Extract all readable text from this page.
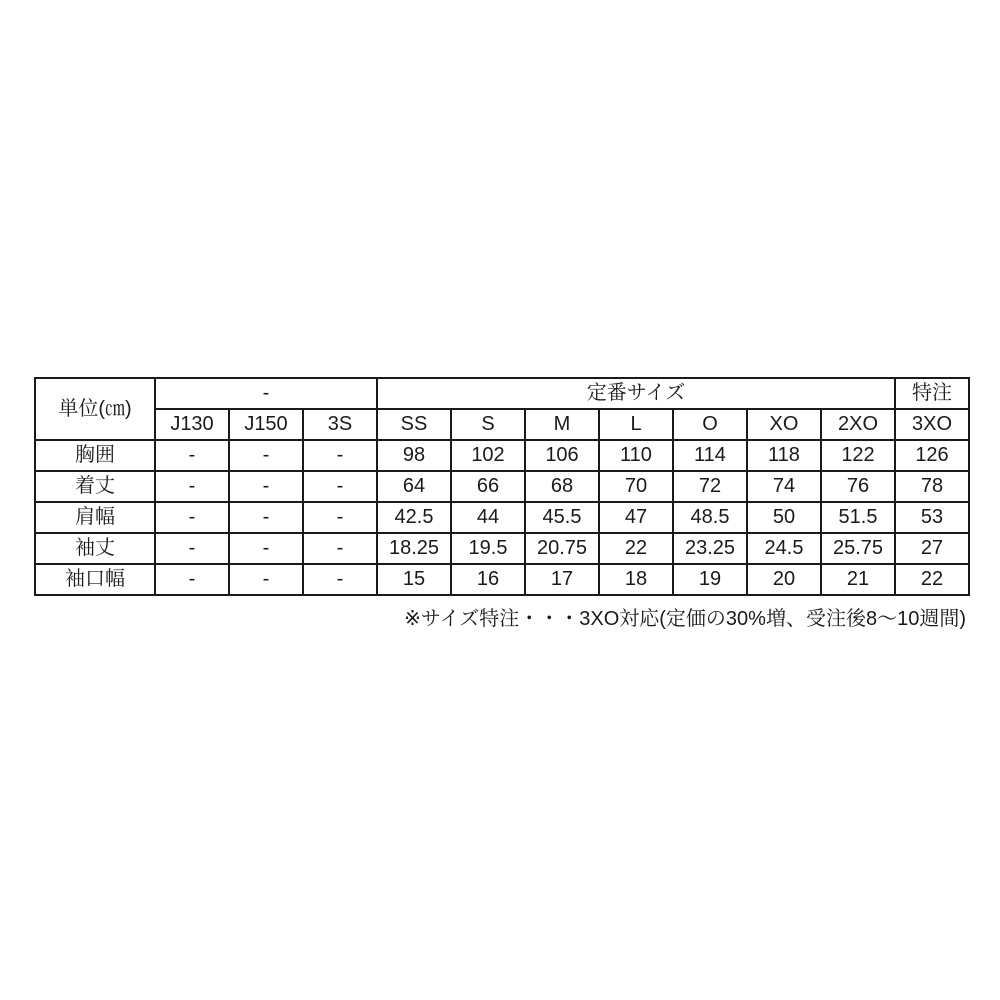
単位(㎝)	-			定番サイズ							特注
	J130	J150	3S	SS	S	M	L	O	XO	2XO	3XO
胸囲	-	-	-	98	102	106	110	114	118	122	126
着丈	-	-	-	64	66	68	70	72	74	76	78
肩幅	-	-	-	42.5	44	45.5	47	48.5	50	51.5	53
袖丈	-	-	-	18.25	19.5	20.75	22	23.25	24.5	25.75	27
袖口幅	-	-	-	15	16	17	18	19	20	21	22
※サイズ特注・・・3XO対応(定価の30%増、受注後8～10週間)
